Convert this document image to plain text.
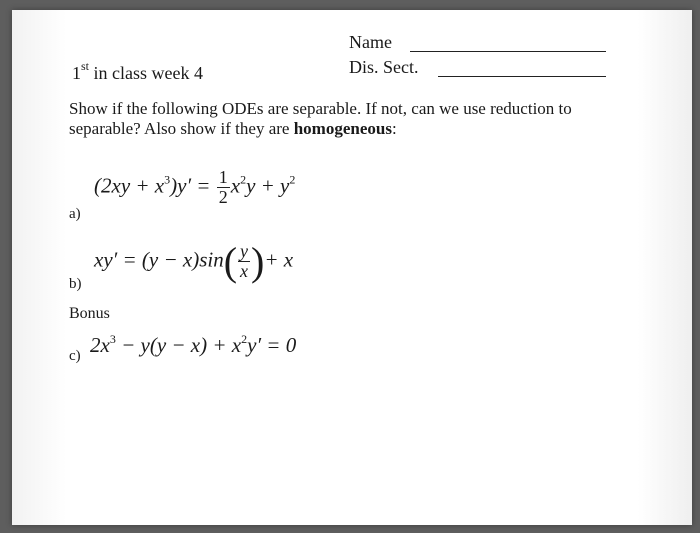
1st in class week 4
Name
Dis. Sect.
Show if the following ODEs are separable. If not, can we use reduction to separable? Also show if they are homogeneous:
a)
$(2xy + x^3)y' = \frac{1}{2} x^2y + y^2$
b)
$xy' = (y - x)\sin( \frac{y}{x}$ )+ x
Bonus
c) $2x^3 - y(y - x) + x^2y' = 0$
